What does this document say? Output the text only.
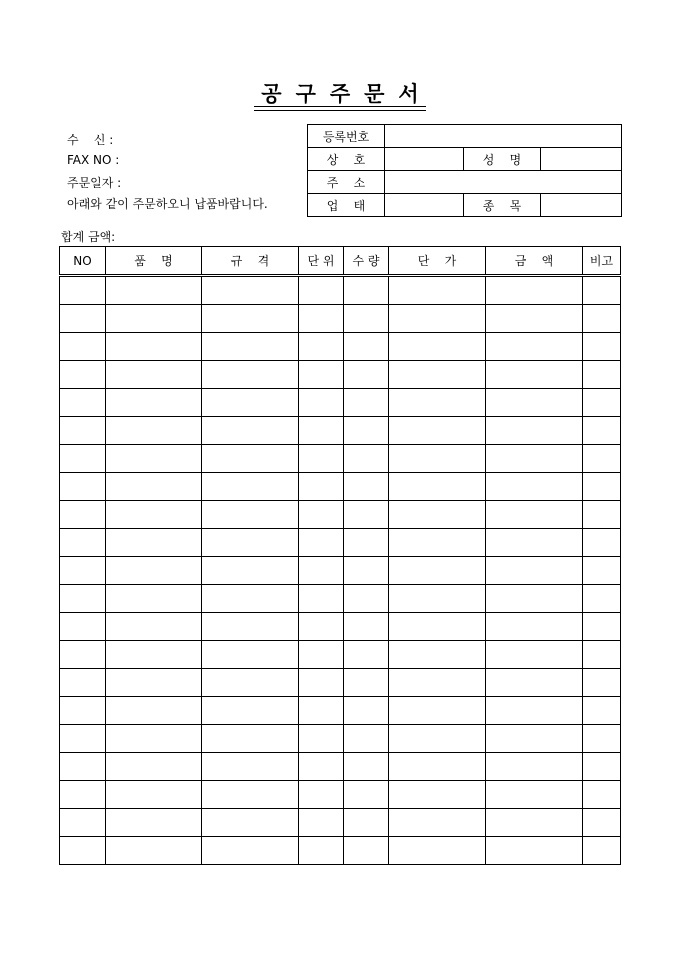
공구주문서
수    신 :
FAX NO :
주문일자 :
아래와 같이 주문하오니 납품바랍니다.
등록번호			
상    호		성    명	
주    소			
업    태		종    목	
합계 금액:
NO	품    명	규    격	단 위	수 량	단    가	금    액	비고
